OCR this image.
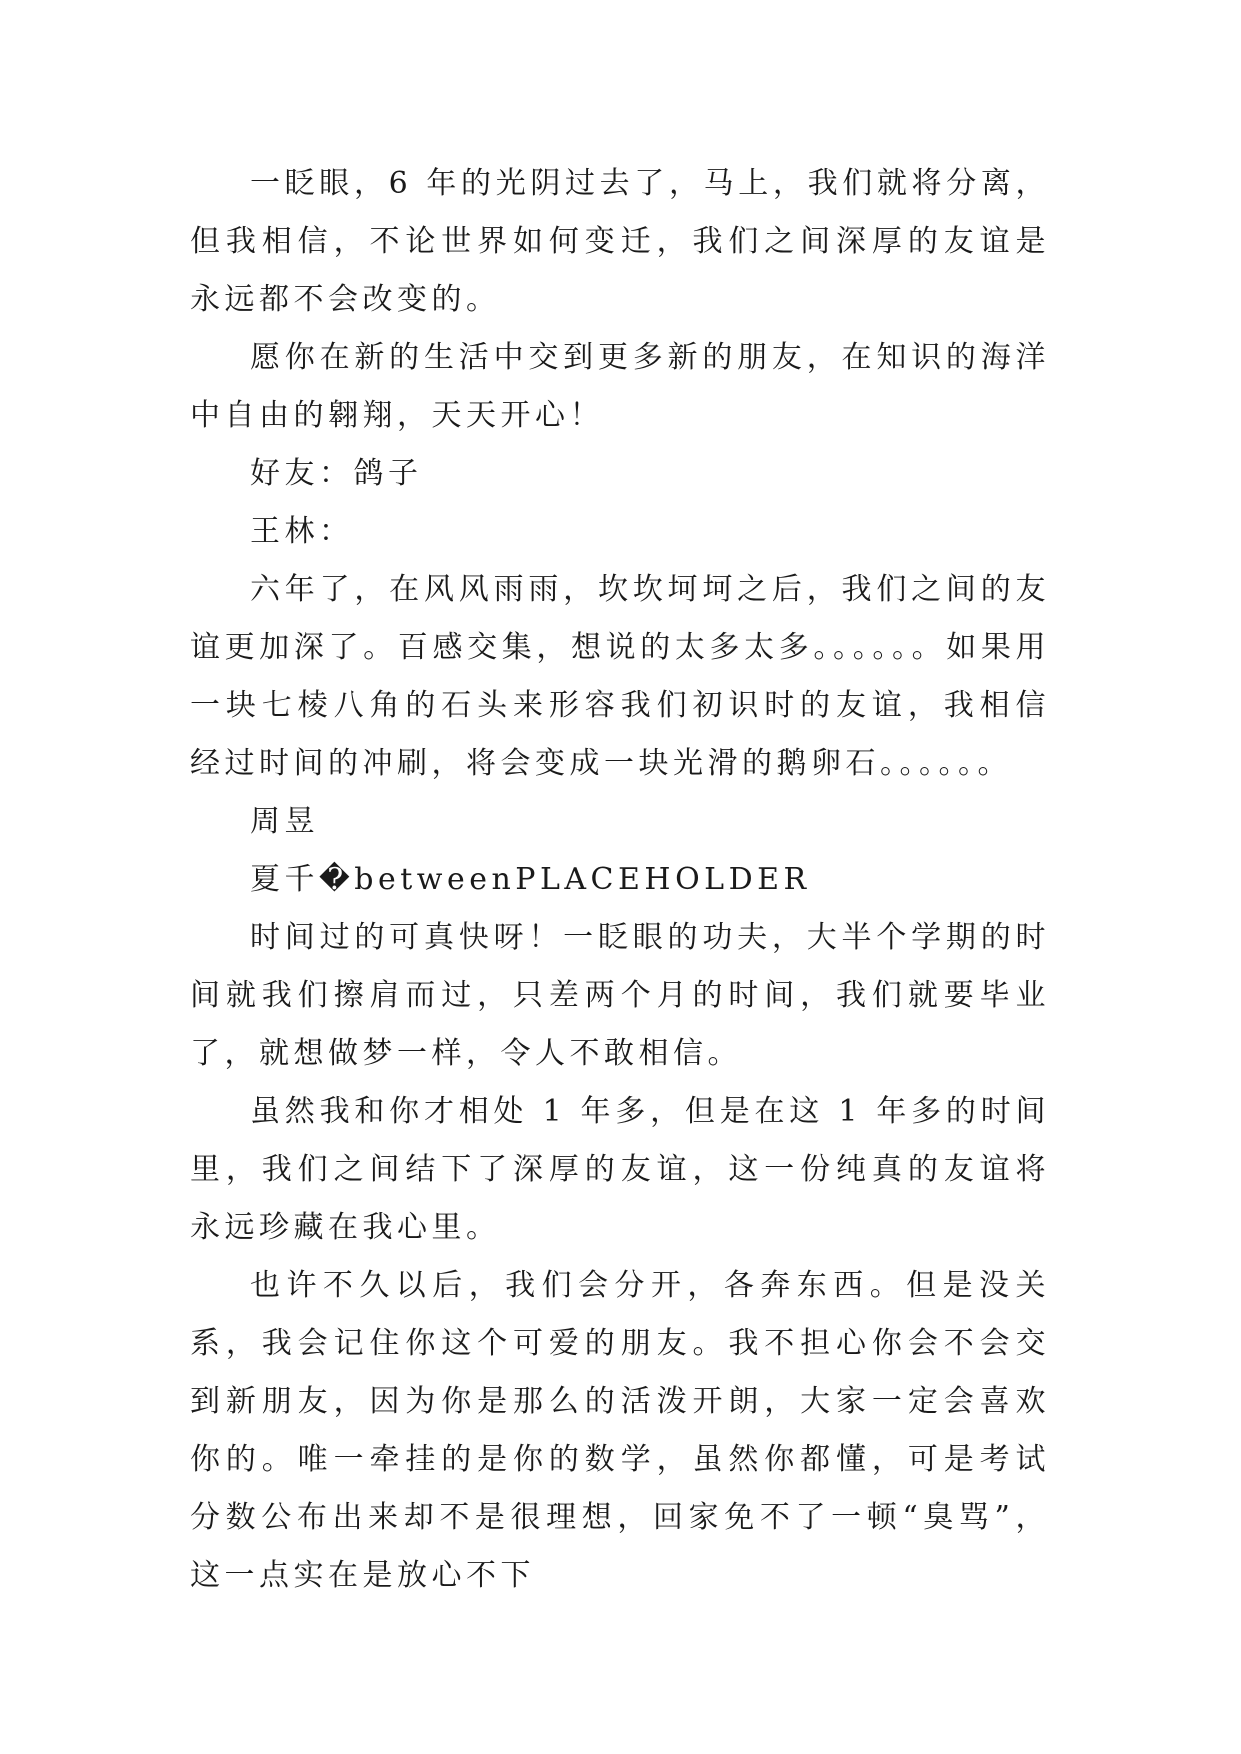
一眨眼，6 年的光阴过去了，马上，我们就将分离，但我相信，不论世界如何变迁，我们之间深厚的友谊是永远都不会改变的。

愿你在新的生活中交到更多新的朋友，在知识的海洋中自由的翱翔，天天开心！

好友：鸽子

王林：

六年了，在风风雨雨，坎坎坷坷之后，我们之间的友谊更加深了。百感交集，想说的太多太多。。。。。。如果用一块七棱八角的石头来形容我们初识时的友谊，我相信经过时间的冲刷，将会变成一块光滑的鹅卵石。。。。。。

周昱

夏千�betweenPLACEHOLDER

时间过的可真快呀！一眨眼的功夫，大半个学期的时间就我们擦肩而过，只差两个月的时间，我们就要毕业了，就想做梦一样，令人不敢相信。

虽然我和你才相处 1 年多，但是在这 1 年多的时间里，我们之间结下了深厚的友谊，这一份纯真的友谊将永远珍藏在我心里。

也许不久以后，我们会分开，各奔东西。但是没关系，我会记住你这个可爱的朋友。我不担心你会不会交到新朋友，因为你是那么的活泼开朗，大家一定会喜欢你的。唯一牵挂的是你的数学，虽然你都懂，可是考试分数公布出来却不是很理想，回家免不了一顿“臭骂”，这一点实在是放心不下
